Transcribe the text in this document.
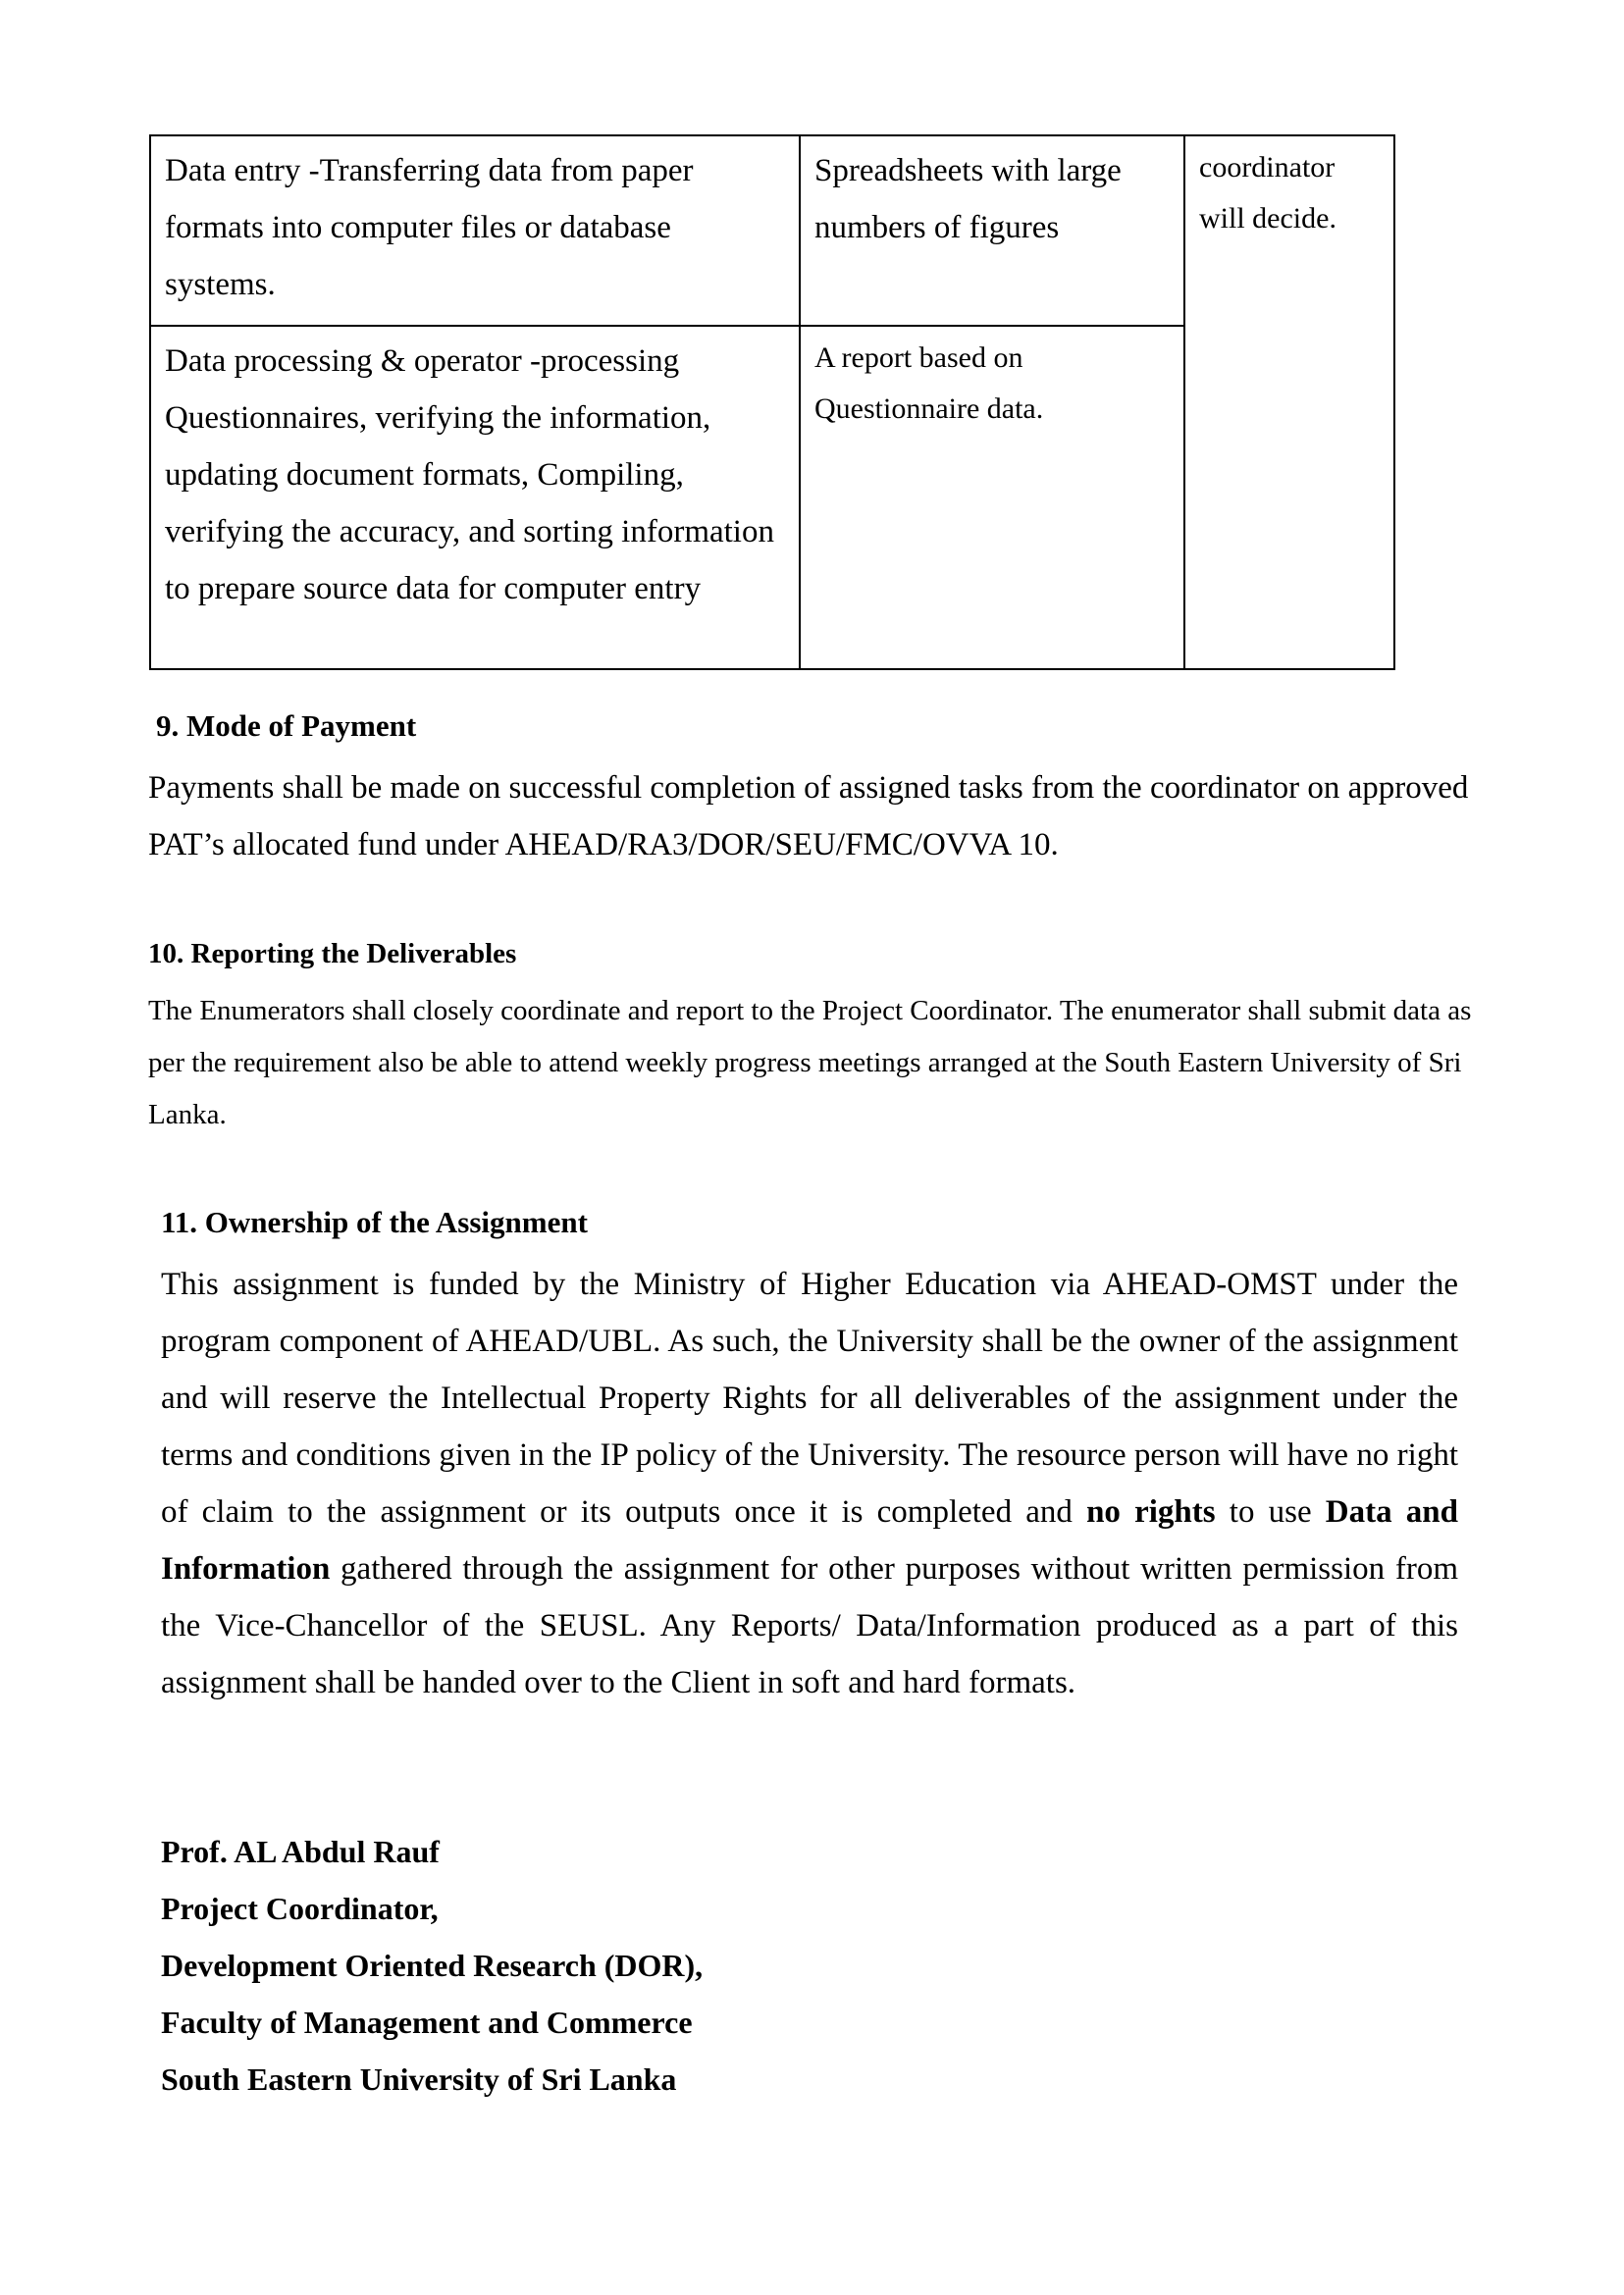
Data entry -Transferring data from paper formats into computer files or database systems.	Spreadsheets with large numbers of figures	coordinator will decide.
Data processing & operator -processing Questionnaires, verifying the information, updating document formats, Compiling, verifying the accuracy, and sorting information to prepare source data for computer entry	A report based on Questionnaire data.	
9. Mode of Payment
Payments shall be made on successful completion of assigned tasks from the coordinator on approved PAT’s allocated fund under AHEAD/RA3/DOR/SEU/FMC/OVVA 10.
10. Reporting the Deliverables
The Enumerators shall closely coordinate and report to the Project Coordinator. The enumerator shall submit data as per the requirement also be able to attend weekly progress meetings arranged at the South Eastern University of Sri Lanka.
11. Ownership of the Assignment
This assignment is funded by the Ministry of Higher Education via AHEAD-OMST under the program component of AHEAD/UBL. As such, the University shall be the owner of the assignment and will reserve the Intellectual Property Rights for all deliverables of the assignment under the terms and conditions given in the IP policy of the University. The resource person will have no right of claim to the assignment or its outputs once it is completed and no rights to use Data and Information gathered through the assignment for other purposes without written permission from the Vice-Chancellor of the SEUSL. Any Reports/ Data/Information produced as a part of this assignment shall be handed over to the Client in soft and hard formats.
Prof. AL Abdul Rauf
Project Coordinator,
Development Oriented Research (DOR),
Faculty of Management and Commerce
South Eastern University of Sri Lanka
